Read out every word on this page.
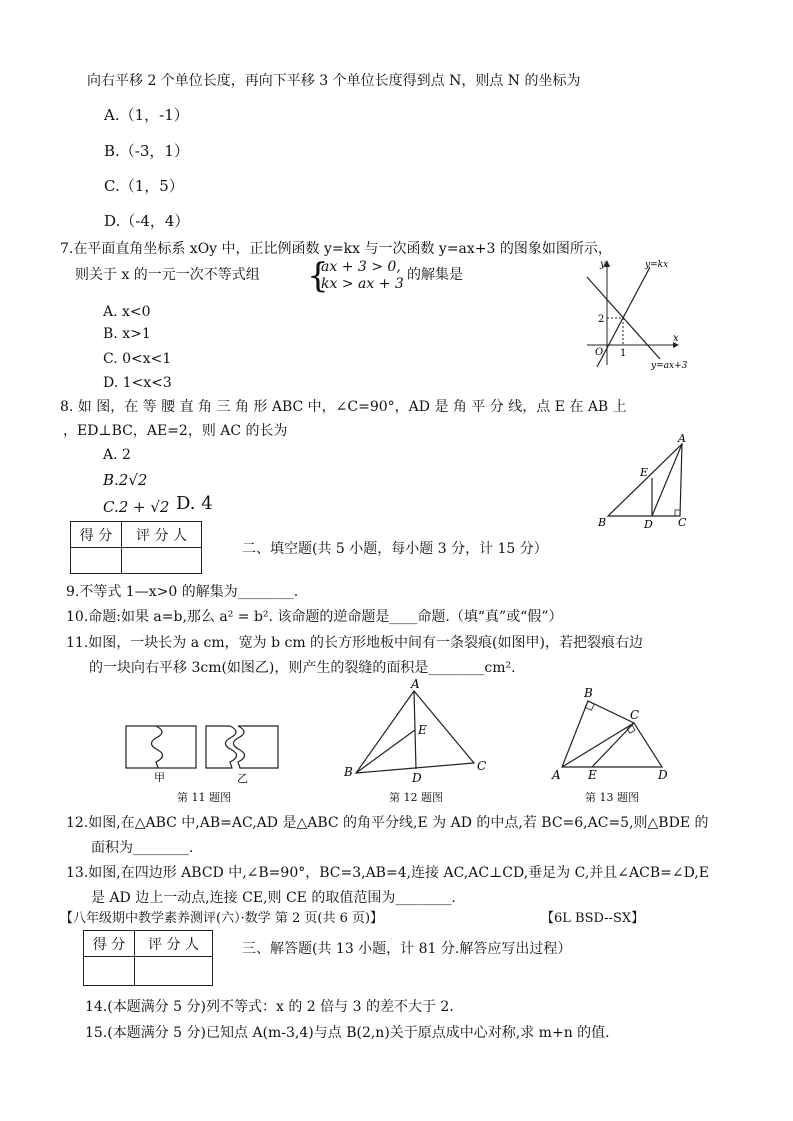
向右平移 2 个单位长度，再向下平移 3 个单位长度得到点 N，则点 N 的坐标为
A.（1，-1）
B.（-3，1）
C.（1，5）
D.（-4，4）
7.在平面直角坐标系 xOy 中，正比例函数 y=kx 与一次函数 y=ax+3 的图象如图所示，
则关于 x 的一元一次不等式组 {
ax + 3 > 0,
kx > ax + 3
的解集是
A. x<0
B. x>1
C. 0<x<1
D. 1<x<3
y
x
O
2
1
y=kx
y=ax+3
8. 如 图，在 等 腰 直 角 三 角 形 ABC 中，∠C=90°，AD 是 角 平 分 线，点 E 在 AB 上
，ED⊥BC，AE=2，则 AC 的长为
A. 2
B.2√2
C.2 + √2 D. 4
A
E
B	D C
得 分	评 分 人

二、填空题(共 5 小题，每小题 3 分，计 15 分）
9.不等式 1—x>0 的解集为________.
10.命题:如果 a=b,那么 a² = b². 该命题的逆命题是____命题.（填“真”或“假”）
11.如图，一块长为 a cm，宽为 b cm 的长方形地板中间有一条裂痕(如图甲)，若把裂痕右边
的一块向右平移 3cm(如图乙)，则产生的裂缝的面积是________cm².
甲	乙
第 11 题图
A
E
B	D
C
第 12 题图
B
C
A E	D
第 13 题图
12.如图,在△ABC 中,AB=AC,AD 是△ABC 的角平分线,E 为 AD 的中点,若 BC=6,AC=5,则△BDE 的
面积为________.
13.如图,在四边形 ABCD 中,∠B=90°，BC=3,AB=4,连接 AC,AC⊥CD,垂足为 C,并且∠ACB=∠D,E
是 AD 边上一动点,连接 CE,则 CE 的取值范围为________.
【八年级期中教学素养测评(六）·数学 第 2 页(共 6 页)】	【6L BSD--SX】
得 分	评 分 人
		三、解答题(共 13 小题，计 81 分.解答应写出过程）
14.(本题满分 5 分)列不等式：x 的 2 倍与 3 的差不大于 2.
15.(本题满分 5 分)已知点 A(m-3,4)与点 B(2,n)关于原点成中心对称,求 m+n 的值.
